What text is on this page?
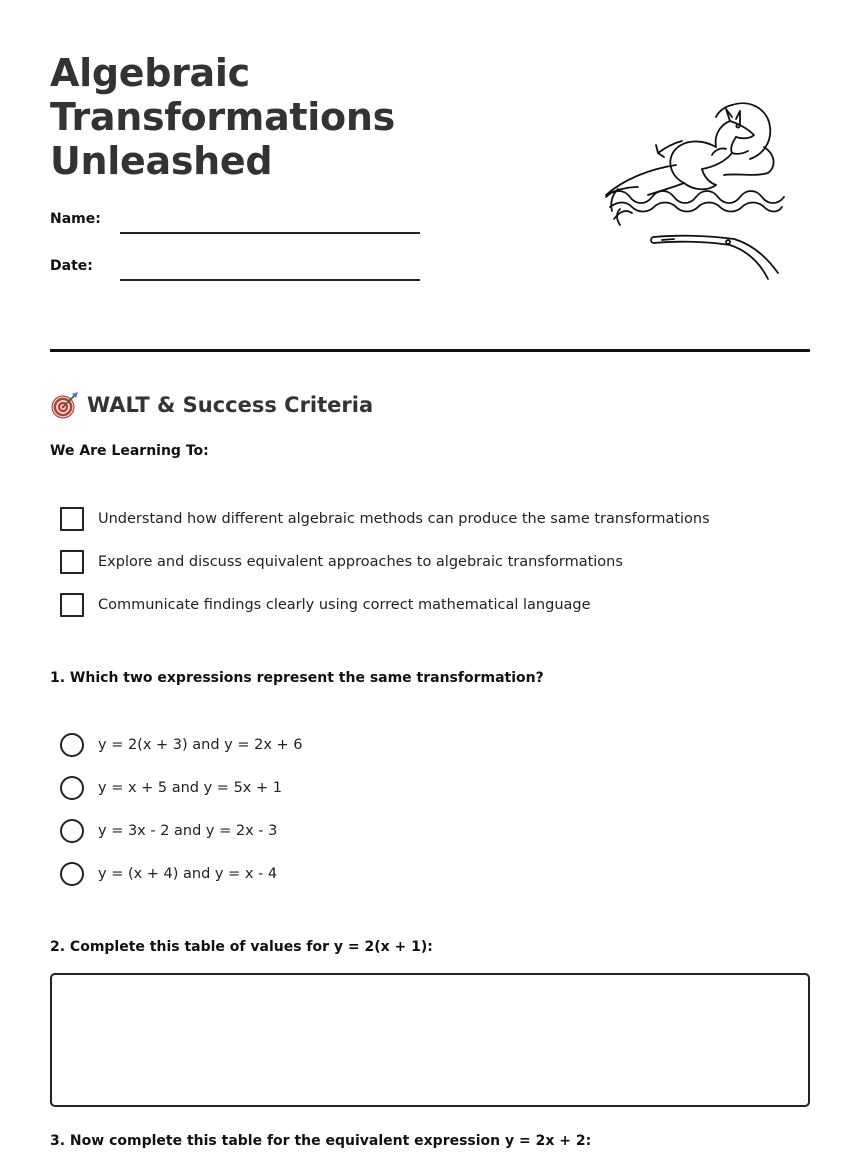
Algebraic
Transformations
Unleashed
Name:
Date:
WALT & Success Criteria
We Are Learning To:
Understand how different algebraic methods can produce the same transformations
Explore and discuss equivalent approaches to algebraic transformations
Communicate findings clearly using correct mathematical language
1. Which two expressions represent the same transformation?
y = 2(x + 3) and y = 2x + 6
y = x + 5 and y = 5x + 1
y = 3x - 2 and y = 2x - 3
y = (x + 4) and y = x - 4
2. Complete this table of values for y = 2(x + 1):
3. Now complete this table for the equivalent expression y = 2x + 2:
